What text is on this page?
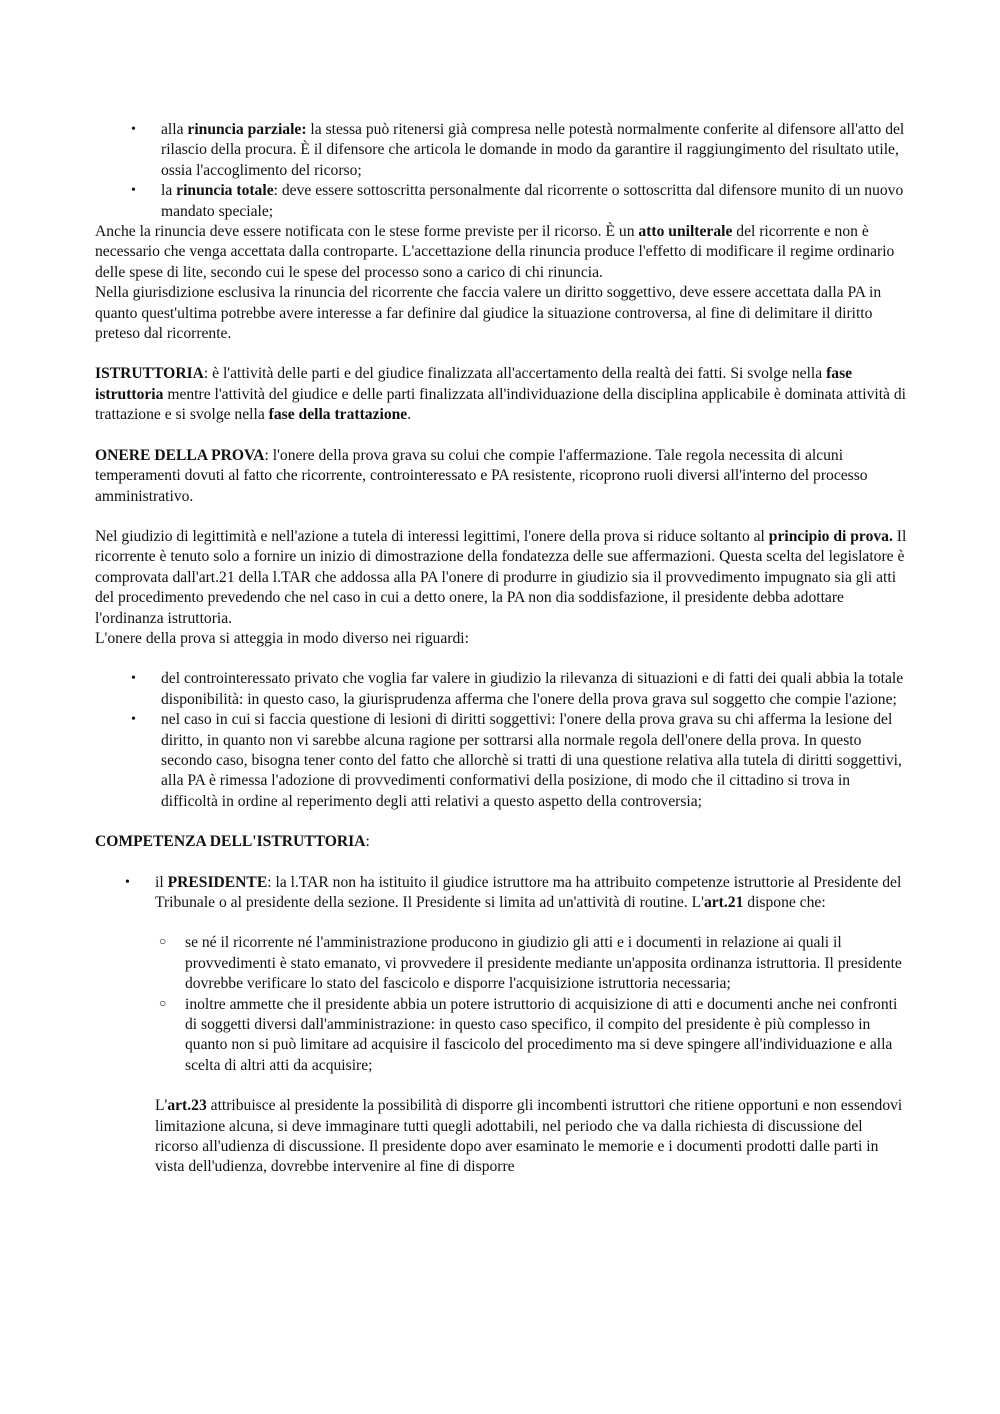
• alla rinuncia parziale: la stessa può ritenersi già compresa nelle potestà normalmente conferite al difensore all'atto del rilascio della procura. È il difensore che articola le domande in modo da garantire il raggiungimento del risultato utile, ossia l'accoglimento del ricorso;
• la rinuncia totale: deve essere sottoscritta personalmente dal ricorrente o sottoscritta dal difensore munito di un nuovo mandato speciale;

Anche la rinuncia deve essere notificata con le stese forme previste per il ricorso. È un atto unilterale del ricorrente e non è necessario che venga accettata dalla controparte. L'accettazione della rinuncia produce l'effetto di modificare il regime ordinario delle spese di lite, secondo cui le spese del processo sono a carico di chi rinuncia.

Nella giurisdizione esclusiva la rinuncia del ricorrente che faccia valere un diritto soggettivo, deve essere accettata dalla PA in quanto quest'ultima potrebbe avere interesse a far definire dal giudice la situazione controversa, al fine di delimitare il diritto preteso dal ricorrente.

ISTRUTTORIA: è l'attività delle parti e del giudice finalizzata all'accertamento della realtà dei fatti. Si svolge nella fase istruttoria mentre l'attività del giudice e delle parti finalizzata all'individuazione della disciplina applicabile è dominata attività di trattazione e si svolge nella fase della trattazione.

ONERE DELLA PROVA: l'onere della prova grava su colui che compie l'affermazione. Tale regola necessita di alcuni temperamenti dovuti al fatto che ricorrente, controinteressato e PA resistente, ricoprono ruoli diversi all'interno del processo amministrativo.

Nel giudizio di legittimità e nell'azione a tutela di interessi legittimi, l'onere della prova si riduce soltanto al principio di prova. Il ricorrente è tenuto solo a fornire un inizio di dimostrazione della fondatezza delle sue affermazioni. Questa scelta del legislatore è comprovata dall'art.21 della l.TAR che addossa alla PA l'onere di produrre in giudizio sia il provvedimento impugnato sia gli atti del procedimento prevedendo che nel caso in cui a detto onere, la PA non dia soddisfazione, il presidente debba adottare l'ordinanza istruttoria.

L'onere della prova si atteggia in modo diverso nei riguardi:

• del controinteressato privato che voglia far valere in giudizio la rilevanza di situazioni e di fatti dei quali abbia la totale disponibilità: in questo caso, la giurisprudenza afferma che l'onere della prova grava sul soggetto che compie l'azione;
• nel caso in cui si faccia questione di lesioni di diritti soggettivi: l'onere della prova grava su chi afferma la lesione del diritto, in quanto non vi sarebbe alcuna ragione per sottrarsi alla normale regola dell'onere della prova. In questo secondo caso, bisogna tener conto del fatto che allorchè si tratti di una questione relativa alla tutela di diritti soggettivi, alla PA è rimessa l'adozione di provvedimenti conformativi della posizione, di modo che il cittadino si trova in difficoltà in ordine al reperimento degli atti relativi a questo aspetto della controversia;

COMPETENZA DELL'ISTRUTTORIA:

• il PRESIDENTE: la l.TAR non ha istituito il giudice istruttore ma ha attribuito competenze istruttorie al Presidente del Tribunale o al presidente della sezione. Il Presidente si limita ad un'attività di routine. L'art.21 dispone che:
○ se né il ricorrente né l'amministrazione producono in giudizio gli atti e i documenti in relazione ai quali il provvedimenti è stato emanato, vi provvedere il presidente mediante un'apposita ordinanza istruttoria. Il presidente dovrebbe verificare lo stato del fascicolo e disporre l'acquisizione istruttoria necessaria;
○ inoltre ammette che il presidente abbia un potere istruttorio di acquisizione di atti e documenti anche nei confronti di soggetti diversi dall'amministrazione: in questo caso specifico, il compito del presidente è più complesso in quanto non si può limitare ad acquisire il fascicolo del procedimento ma si deve spingere all'individuazione e alla scelta di altri atti da acquisire;

L'art.23 attribuisce al presidente la possibilità di disporre gli incombenti istruttori che ritiene opportuni e non essendovi limitazione alcuna, si deve immaginare tutti quegli adottabili, nel periodo che va dalla richiesta di discussione del ricorso all'udienza di discussione. Il presidente dopo aver esaminato le memorie e i documenti prodotti dalle parti in vista dell'udienza, dovrebbe intervenire al fine di disporre
